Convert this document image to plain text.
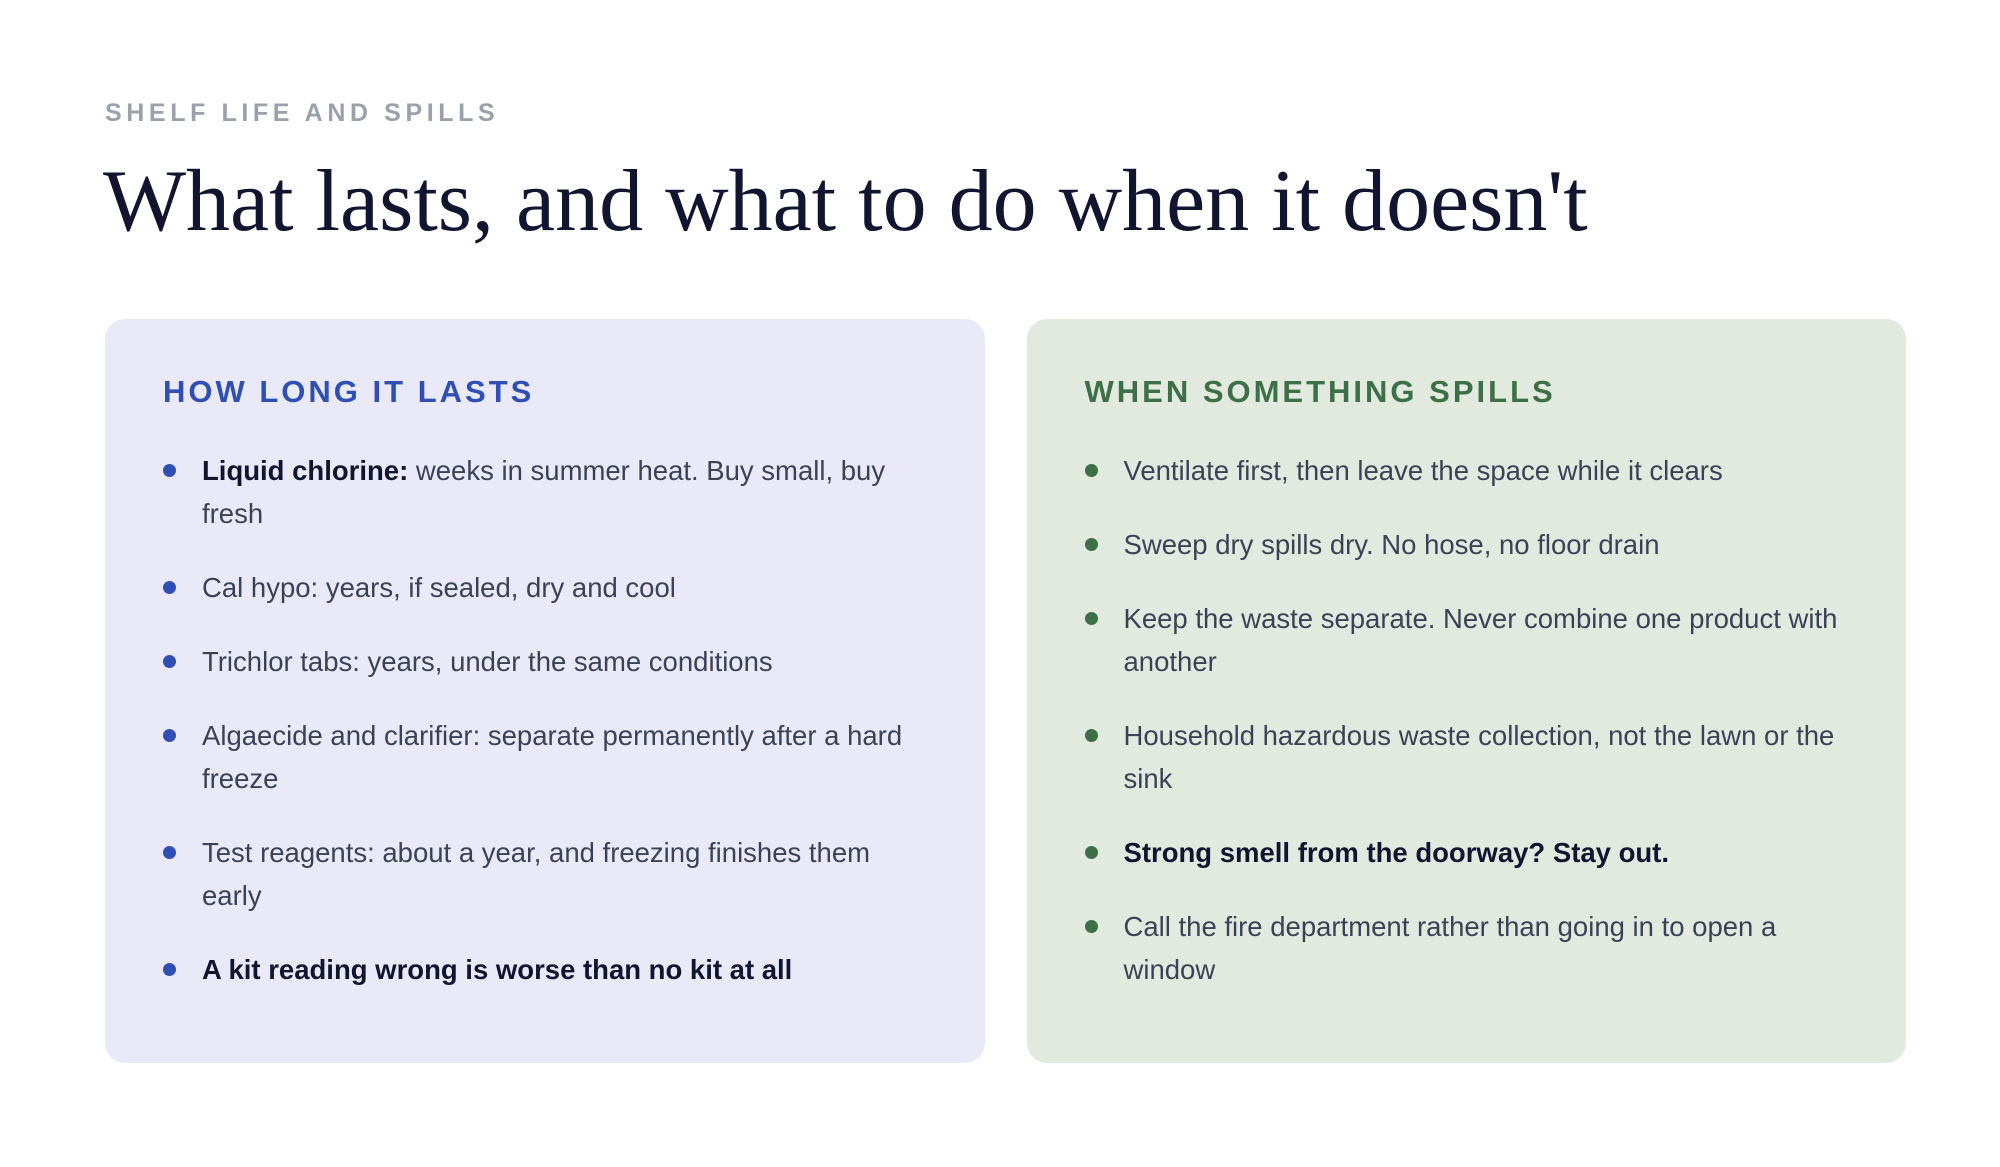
SHELF LIFE AND SPILLS
What lasts, and what to do when it doesn't
HOW LONG IT LASTS
Liquid chlorine: weeks in summer heat. Buy small, buy fresh
Cal hypo: years, if sealed, dry and cool
Trichlor tabs: years, under the same conditions
Algaecide and clarifier: separate permanently after a hard freeze
Test reagents: about a year, and freezing finishes them early
A kit reading wrong is worse than no kit at all
WHEN SOMETHING SPILLS
Ventilate first, then leave the space while it clears
Sweep dry spills dry. No hose, no floor drain
Keep the waste separate. Never combine one product with another
Household hazardous waste collection, not the lawn or the sink
Strong smell from the doorway? Stay out.
Call the fire department rather than going in to open a window
